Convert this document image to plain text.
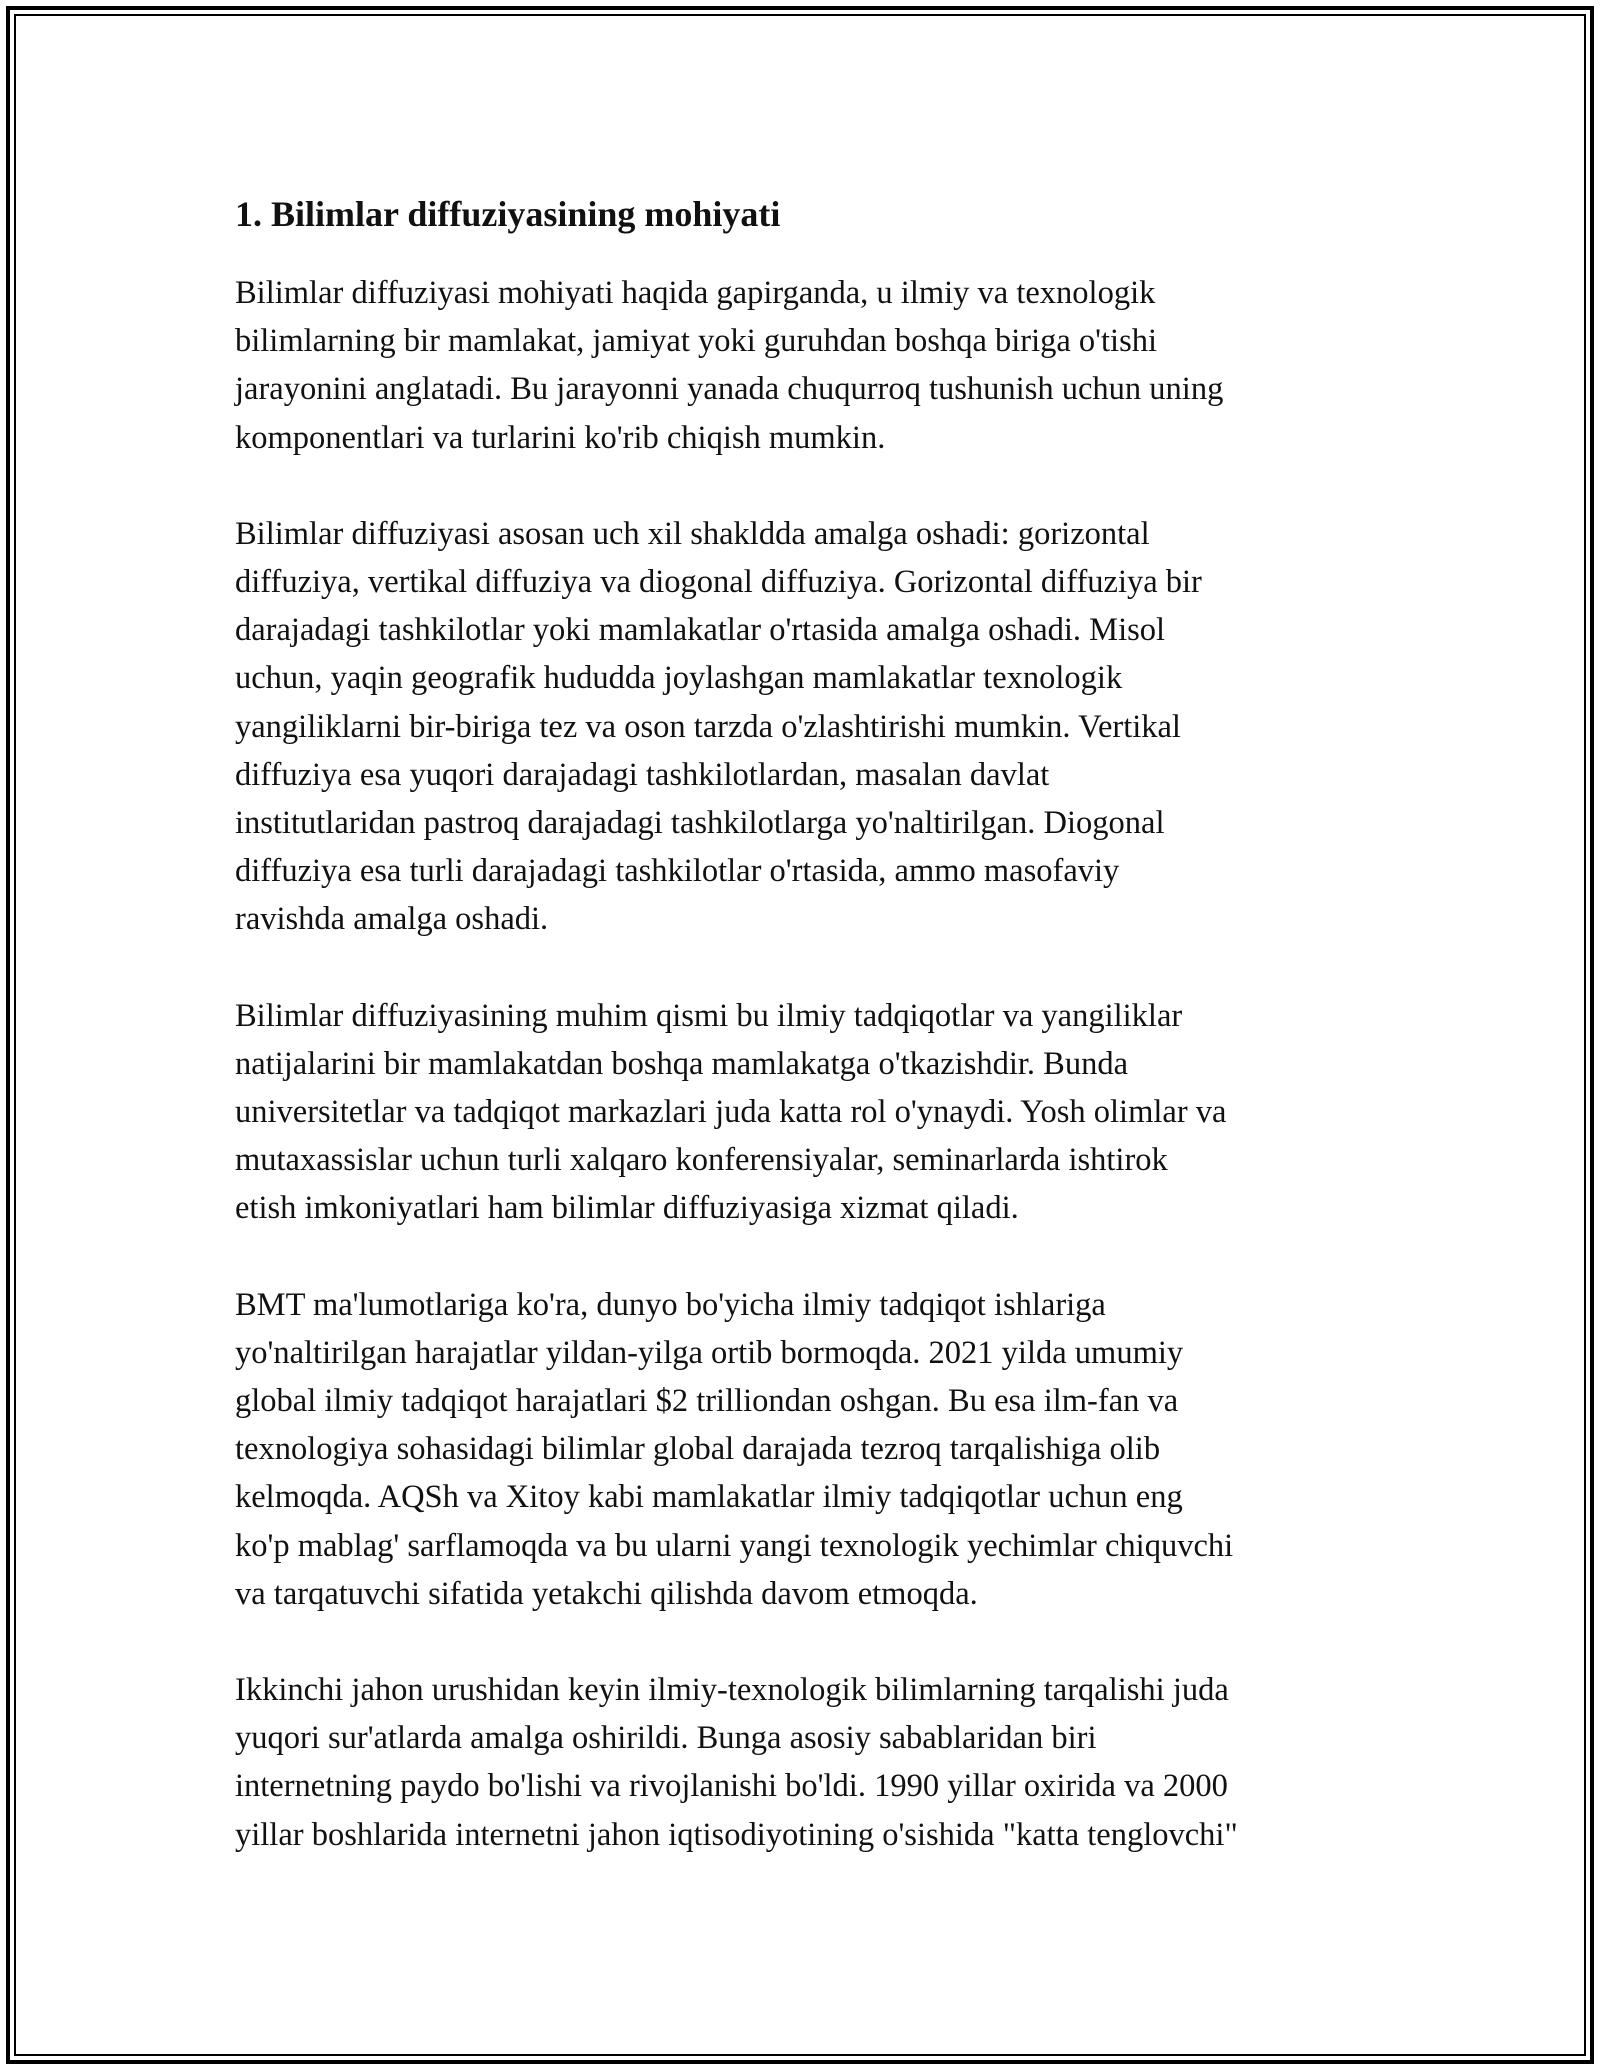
1. Bilimlar diffuziyasining mohiyati
Bilimlar diffuziyasi mohiyati haqida gapirganda, u ilmiy va texnologik
bilimlarning bir mamlakat, jamiyat yoki guruhdan boshqa biriga o'tishi
jarayonini anglatadi. Bu jarayonni yanada chuqurroq tushunish uchun uning
komponentlari va turlarini ko'rib chiqish mumkin.
Bilimlar diffuziyasi asosan uch xil shakldda amalga oshadi: gorizontal
diffuziya, vertikal diffuziya va diogonal diffuziya. Gorizontal diffuziya bir
darajadagi tashkilotlar yoki mamlakatlar o'rtasida amalga oshadi. Misol
uchun, yaqin geografik hududda joylashgan mamlakatlar texnologik
yangiliklarni bir-biriga tez va oson tarzda o'zlashtirishi mumkin. Vertikal
diffuziya esa yuqori darajadagi tashkilotlardan, masalan davlat
institutlaridan pastroq darajadagi tashkilotlarga yo'naltirilgan. Diogonal
diffuziya esa turli darajadagi tashkilotlar o'rtasida, ammo masofaviy
ravishda amalga oshadi.
Bilimlar diffuziyasining muhim qismi bu ilmiy tadqiqotlar va yangiliklar
natijalarini bir mamlakatdan boshqa mamlakatga o'tkazishdir. Bunda
universitetlar va tadqiqot markazlari juda katta rol o'ynaydi. Yosh olimlar va
mutaxassislar uchun turli xalqaro konferensiyalar, seminarlarda ishtirok
etish imkoniyatlari ham bilimlar diffuziyasiga xizmat qiladi.
BMT ma'lumotlariga ko'ra, dunyo bo'yicha ilmiy tadqiqot ishlariga
yo'naltirilgan harajatlar yildan-yilga ortib bormoqda. 2021 yilda umumiy
global ilmiy tadqiqot harajatlari $2 trilliondan oshgan. Bu esa ilm-fan va
texnologiya sohasidagi bilimlar global darajada tezroq tarqalishiga olib
kelmoqda. AQSh va Xitoy kabi mamlakatlar ilmiy tadqiqotlar uchun eng
ko'p mablag' sarflamoqda va bu ularni yangi texnologik yechimlar chiquvchi
va tarqatuvchi sifatida yetakchi qilishda davom etmoqda.
Ikkinchi jahon urushidan keyin ilmiy-texnologik bilimlarning tarqalishi juda
yuqori sur'atlarda amalga oshirildi. Bunga asosiy sabablaridan biri
internetning paydo bo'lishi va rivojlanishi bo'ldi. 1990 yillar oxirida va 2000
yillar boshlarida internetni jahon iqtisodiyotining o'sishida "katta tenglovchi"
